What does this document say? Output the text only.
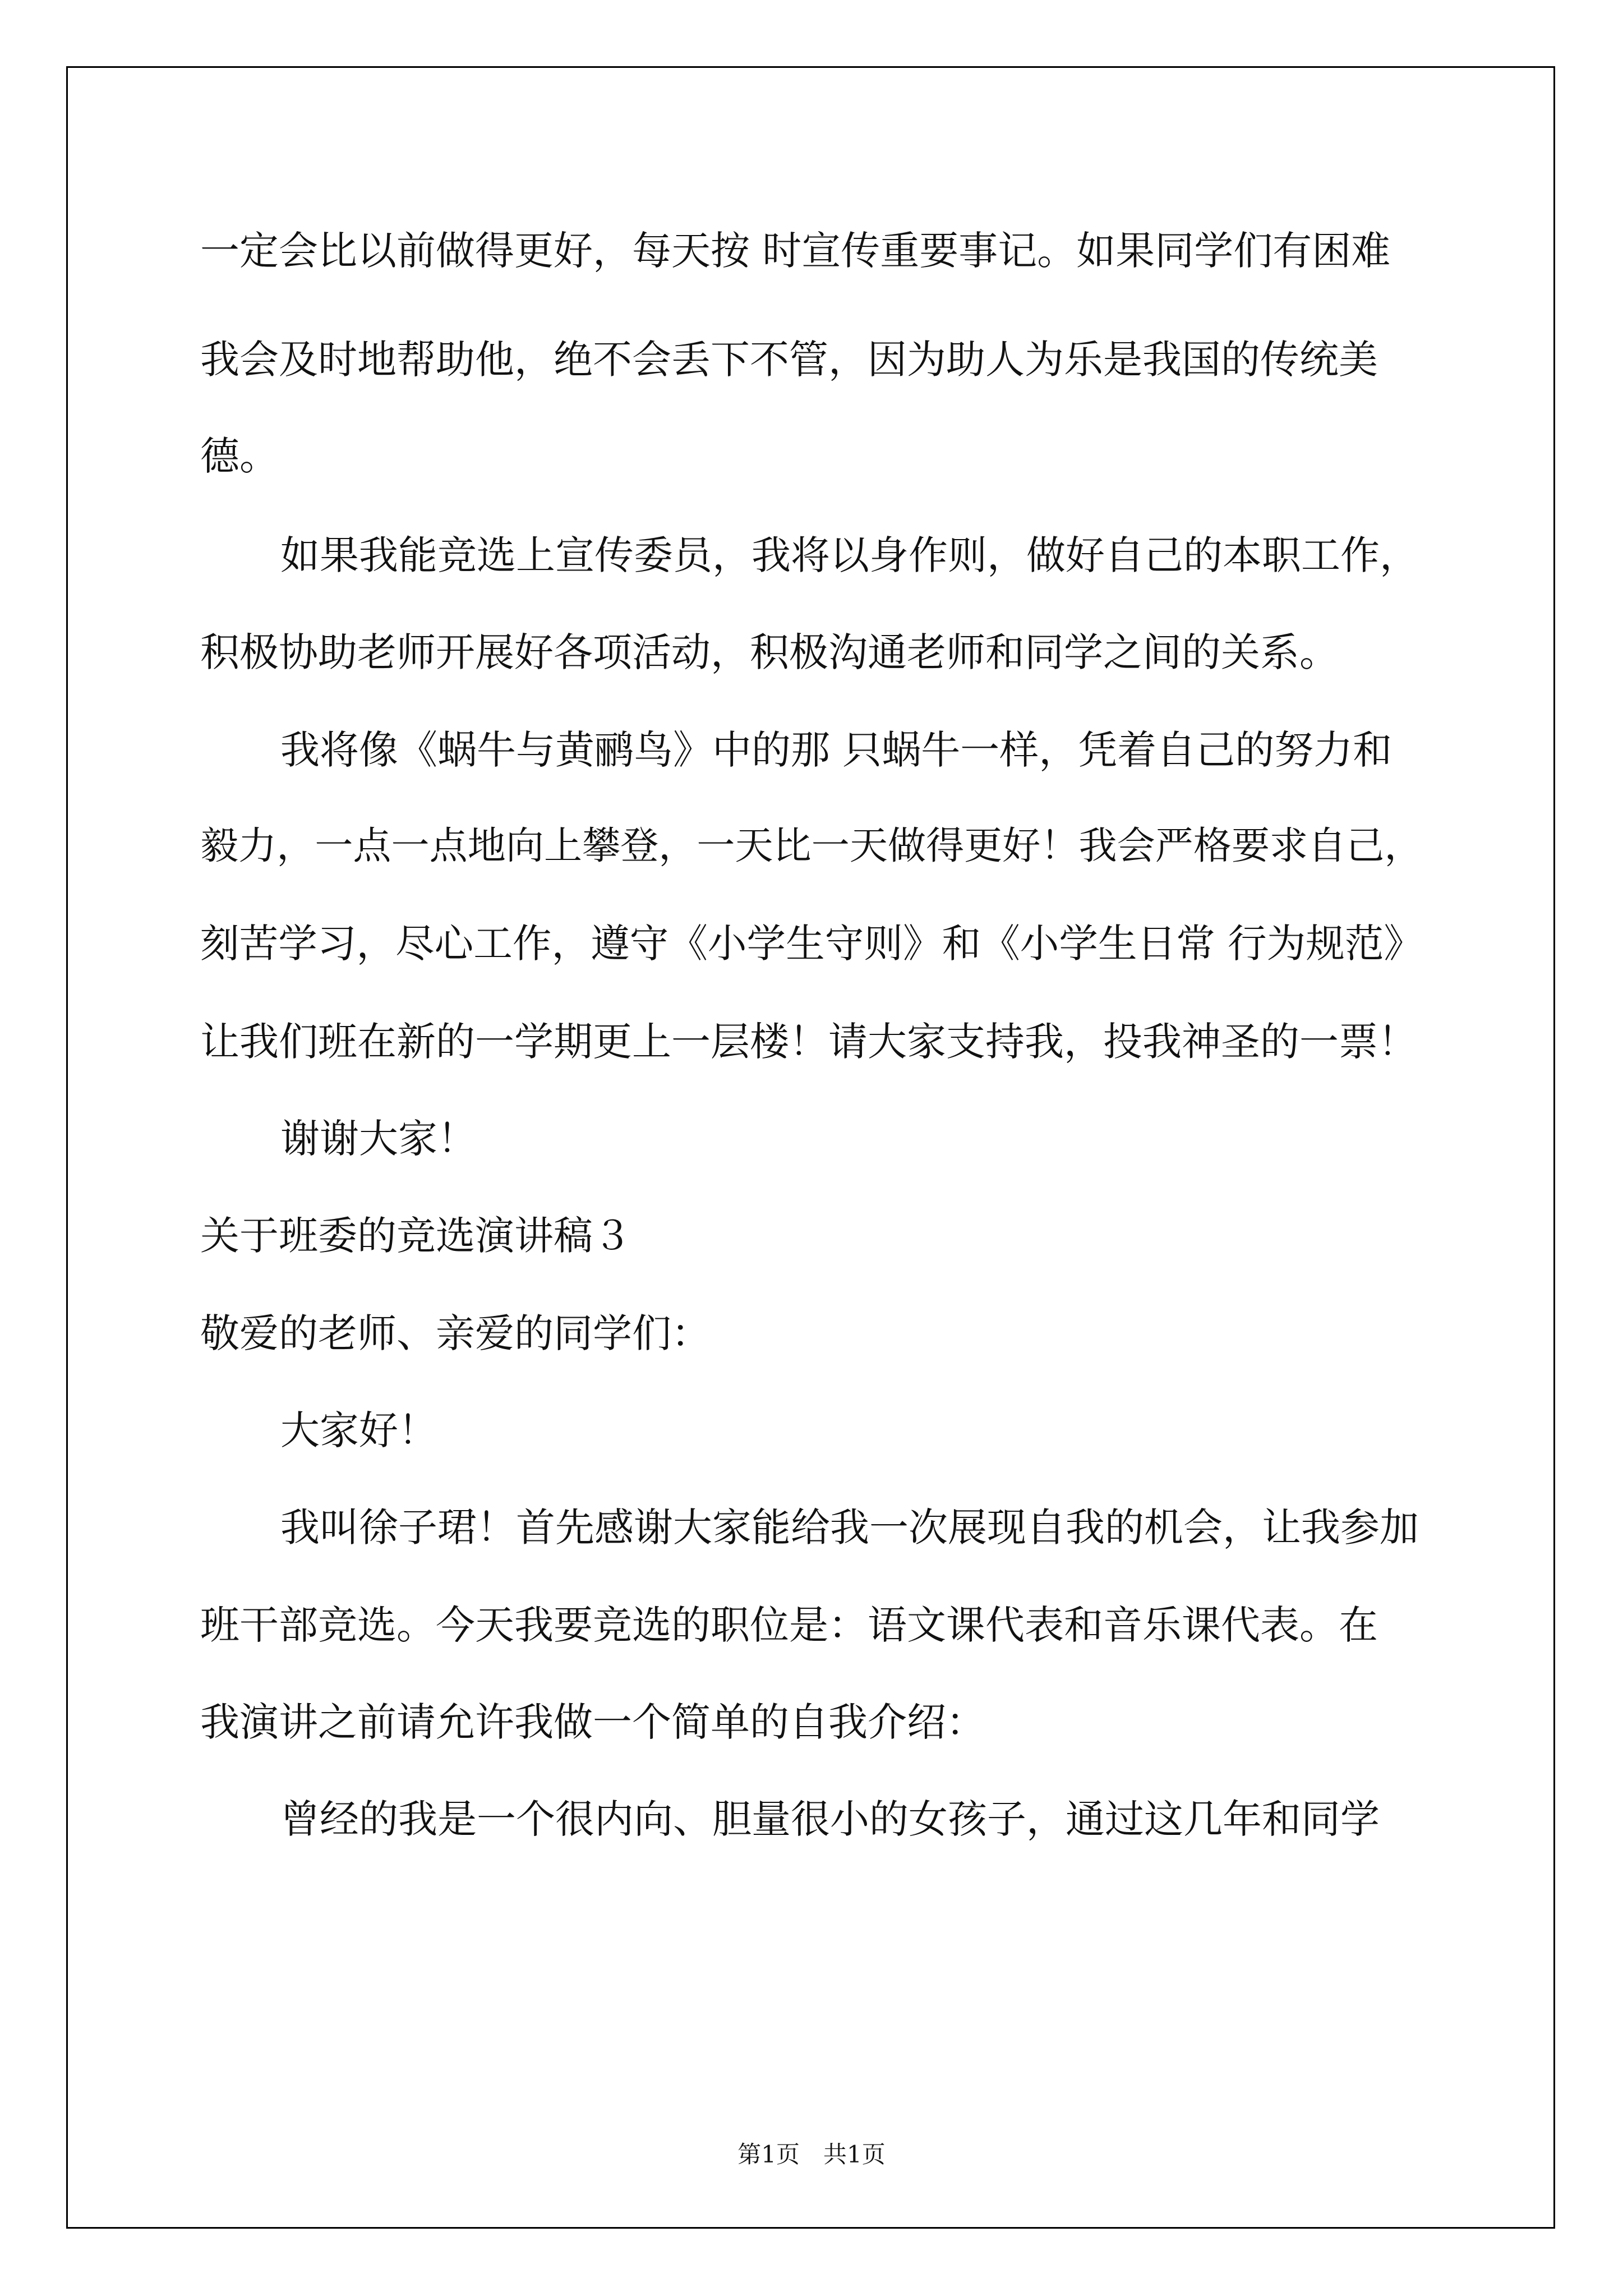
一定会比以前做得更好，每天按 时宣传重要事记。如果同学们有困难

我会及时地帮助他，绝不会丢下不管，因为助人为乐是我国的传统美

德。

如果我能竞选上宣传委员，我将以身作则，做好自己的本职工作，

积极协助老师开展好各项活动，积极沟通老师和同学之间的关系。

我将像《蜗牛与黄鹂鸟》中的那 只蜗牛一样，凭着自己的努力和

毅力，一点一点地向上攀登，一天比一天做得更好！我会严格要求自己，

刻苦学习，尽心工作，遵守《小学生守则》和《小学生日常 行为规范》

让我们班在新的一学期更上一层楼！请大家支持我，投我神圣的一票！

谢谢大家！

关于班委的竞选演讲稿３

敬爱的老师、亲爱的同学们：

大家好！

我叫徐子珺！首先感谢大家能给我一次展现自我的机会，让我参加

班干部竞选。今天我要竞选的职位是：语文课代表和音乐课代表。在

我演讲之前请允许我做一个简单的自我介绍：

曾经的我是一个很内向、胆量很小的女孩子，通过这几年和同学

第1页　共1页
